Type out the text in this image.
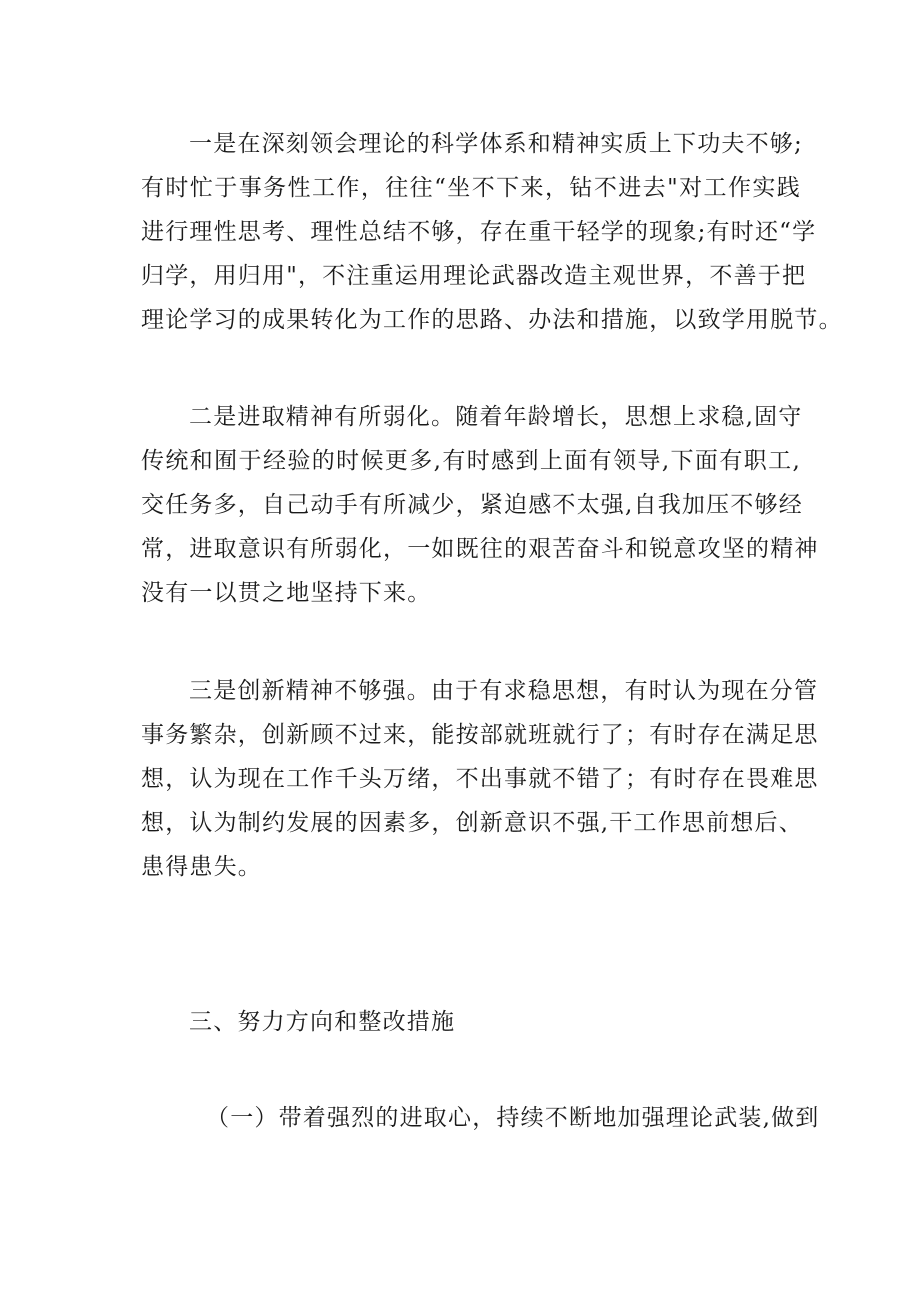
一是在深刻领会理论的科学体系和精神实质上下功夫不够;

有时忙于事务性工作，往往“坐不下来，钻不进去"对工作实践

进行理性思考、理性总结不够，存在重干轻学的现象;有时还“学

归学，用归用"，不注重运用理论武器改造主观世界，不善于把

理论学习的成果转化为工作的思路、办法和措施，以致学用脱节。

二是进取精神有所弱化。随着年龄增长，思想上求稳,固守

传统和囿于经验的时候更多,有时感到上面有领导,下面有职工,

交任务多，自己动手有所减少，紧迫感不太强,自我加压不够经

常，进取意识有所弱化，一如既往的艰苦奋斗和锐意攻坚的精神

没有一以贯之地坚持下来。

三是创新精神不够强。由于有求稳思想，有时认为现在分管

事务繁杂，创新顾不过来，能按部就班就行了；有时存在满足思

想，认为现在工作千头万绪，不出事就不错了；有时存在畏难思

想，认为制约发展的因素多，创新意识不强,干工作思前想后、

患得患失。

三、努力方向和整改措施

（一）带着强烈的进取心，持续不断地加强理论武装,做到
